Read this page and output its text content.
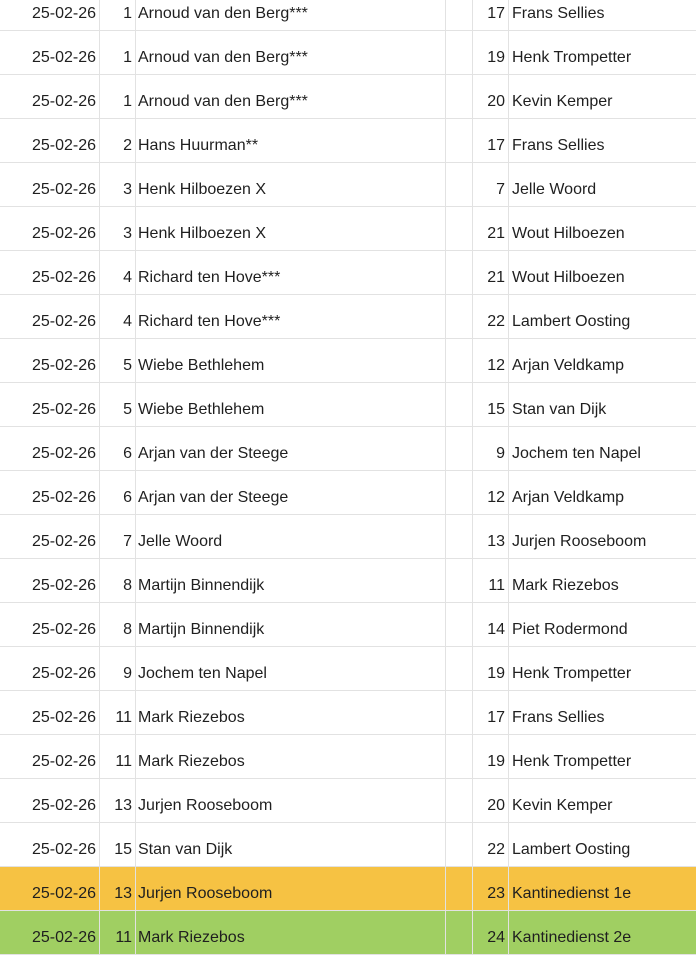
25-02-26	1 Arnoud van den Berg***	17 Frans Sellies
25-02-26	1 Arnoud van den Berg***	19 Henk Trompetter
25-02-26	1 Arnoud van den Berg***	20 Kevin Kemper
25-02-26	2 Hans Huurman**	17 Frans Sellies
25-02-26	3 Henk Hilboezen X	7 Jelle Woord
25-02-26	3 Henk Hilboezen X	21 Wout Hilboezen
25-02-26	4 Richard ten Hove***	21 Wout Hilboezen
25-02-26	4 Richard ten Hove***	22 Lambert Oosting
25-02-26	5 Wiebe Bethlehem	12 Arjan Veldkamp
25-02-26	5 Wiebe Bethlehem	15 Stan van Dijk
25-02-26	6 Arjan van der Steege	9 Jochem ten Napel
25-02-26	6 Arjan van der Steege	12 Arjan Veldkamp
25-02-26	7 Jelle Woord	13 Jurjen Rooseboom
25-02-26	8 Martijn Binnendijk	11 Mark Riezebos
25-02-26	8 Martijn Binnendijk	14 Piet Rodermond
25-02-26	9 Jochem ten Napel	19 Henk Trompetter
25-02-26	11 Mark Riezebos	17 Frans Sellies
25-02-26	11 Mark Riezebos	19 Henk Trompetter
25-02-26	13 Jurjen Rooseboom	20 Kevin Kemper
25-02-26	15 Stan van Dijk	22 Lambert Oosting
25-02-26	13 Jurjen Rooseboom	23 Kantinedienst 1e
25-02-26	11 Mark Riezebos	24 Kantinedienst 2e
